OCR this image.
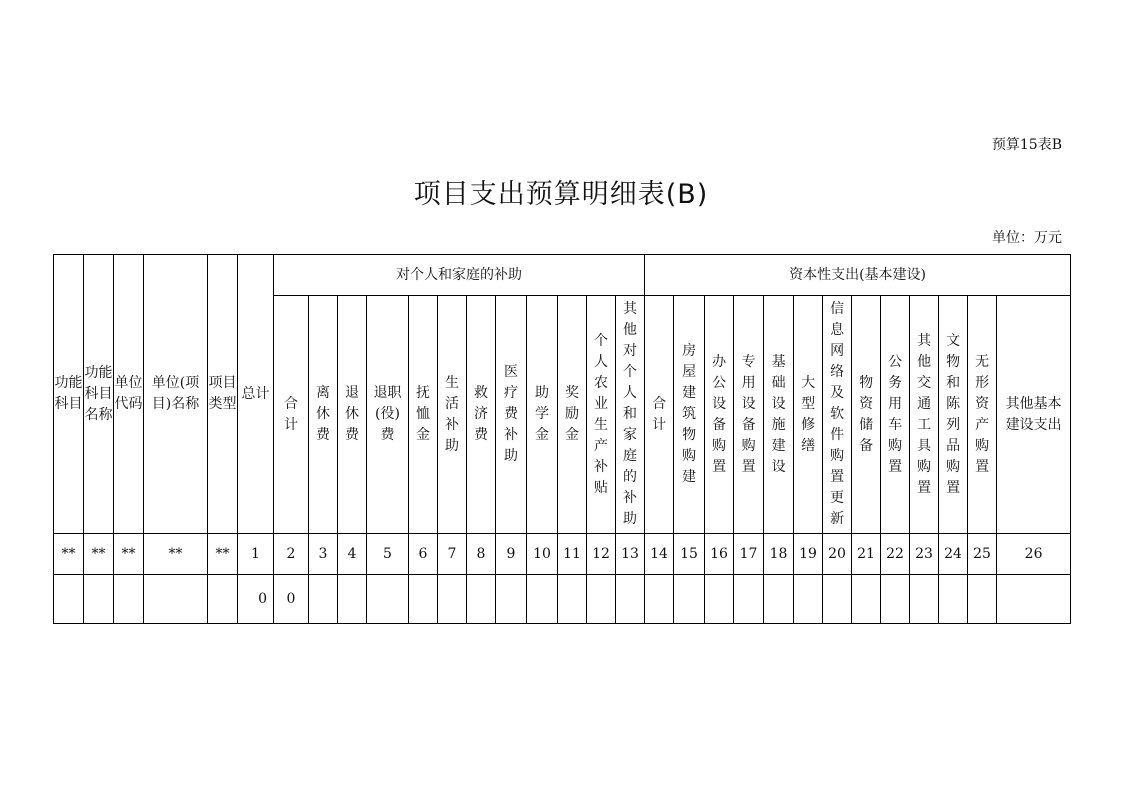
预算15表B
项目支出预算明细表(B)
单位：万元
功能科目	功能科目名称	单位代码	单位(项目)名称	项目类型	总计	对个人和家庭的补助												资本性支出(基本建设)												
						合计	离休费	退休费	退职(役)费	抚恤金	生活补助	救济费	医疗费补助	助学金	奖励金	个人农业生产补贴	其他对个人和家庭的补助	合计	房屋建筑物购建	办公设备购置	专用设备购置	基础设施建设	大型修缮	信息网络及软件购置更新	物资储备	公务用车购置	其他交通工具购置	文物和陈列品购置	无形资产购置	其他基本建设支出
**	**	**	**	**	1	2	3	4	5	6	7	8	9	10	11	12	13	14	15	16	17	18	19	20	21	22	23	24	25	26
					0	0																								
